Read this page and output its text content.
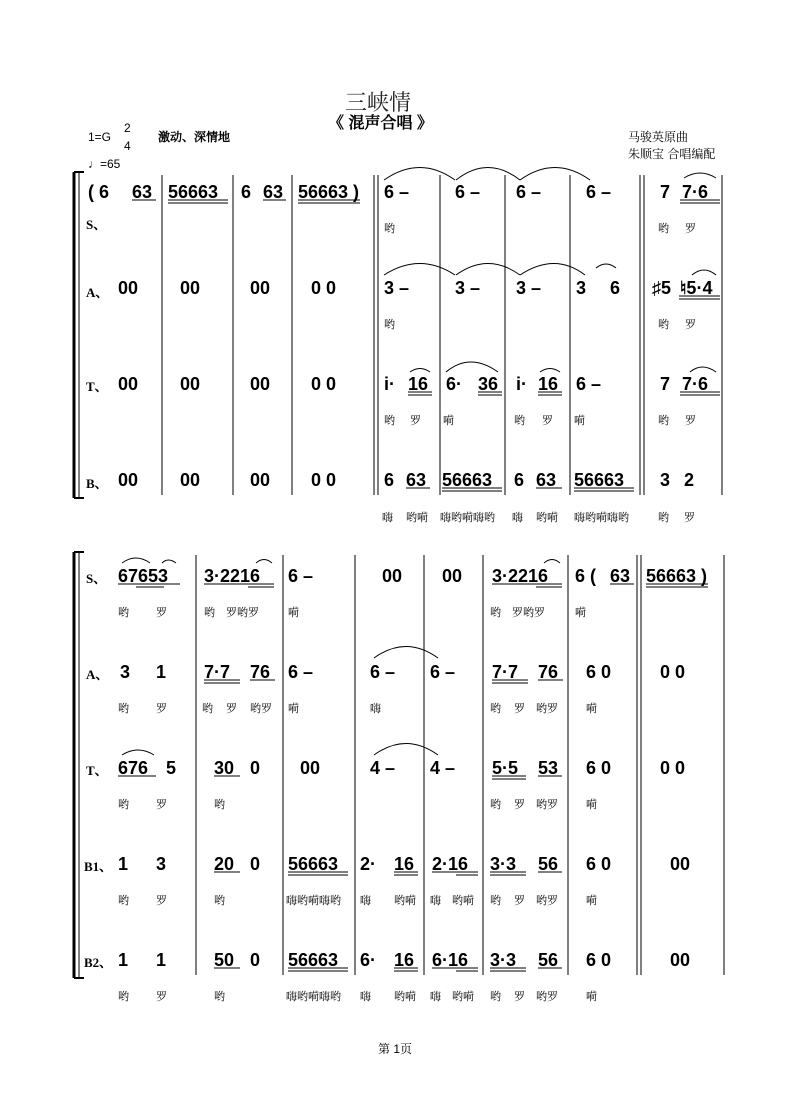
三峡情
《 混声合唱 》
1=G
2
4
激动、深情地
♩=65
马骏英原曲
朱顺宝 合唱编配
S、
A、
T、
B、
( 6 63 56663 6 63 56663 ) 6 –	6 – 6 – 6 –	7 7·6
哟	哟 罗
00 00	00 0 0	3 –	3 – 3 – 3 6 ♯5 ♮5·4
哟	哟 罗
00 00	00 0 0	i· 16 6· 36 i· 16 6 –	7 7·6
哟 罗 嗬	哟 罗 嗬	哟 罗
00 00	00 0 0	6 63 56663 6 63 56663 3 2
嗨 哟嗬 嗨哟嗬嗨哟 嗨 哟嗬 嗨哟嗬嗨哟	哟 罗
S、
A、
T、
B1、
B2、
67653 3·2216 6 –	00 00 3·2216 6 ( 63 56663 )
哟 罗	哟 罗哟罗	嗬	哟 罗哟罗	嗬
3 1 7·7 76 6 –	6 – 6 – 7·7 76 6 0	0 0
哟 罗	哟 罗 哟罗 嗬	嗨	哟 罗 哟罗	嗬
676 5 30 0 00	4 – 4 – 5·5 53 6 0	0 0
哟 罗	哟	哟 罗 哟罗	嗬
1 3	20 0 56663 2· 16 2·16 3·3 56 6 0	00
哟 罗	哟	嗨哟嗬嗨哟 嗨 哟嗬 嗨 哟嗬 哟 罗 哟罗	嗬
1 1	50 0 56663 6· 16 6·16 3·3 56 6 0	00
哟 罗	哟	嗨哟嗬嗨哟 嗨 哟嗬 嗨 哟嗬 哟 罗 哟罗	嗬
第 1页
